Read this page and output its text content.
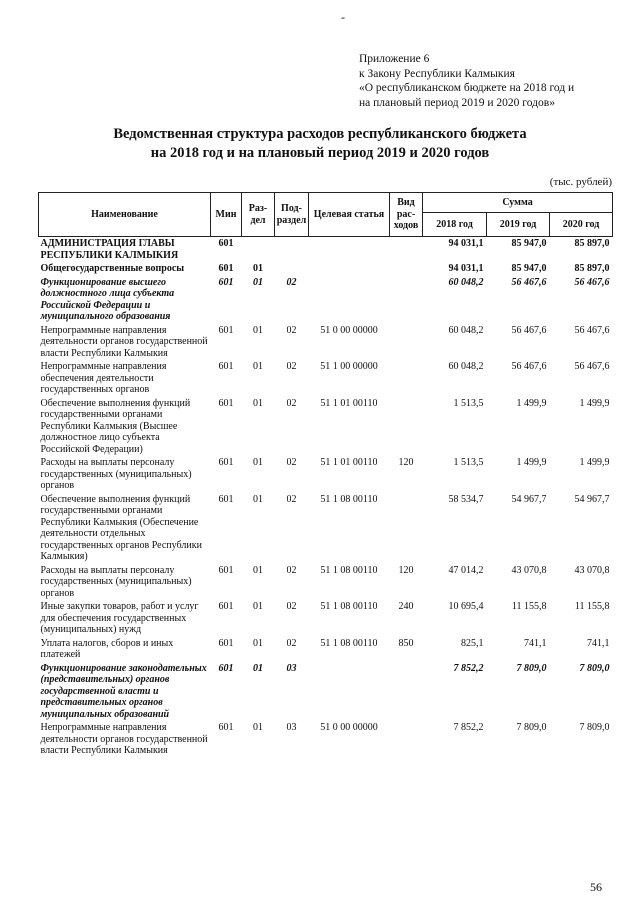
-
Приложение 6
к Закону Республики Калмыкия
«О республиканском бюджете на 2018 год и
на плановый период 2019 и 2020 годов»
Ведомственная структура расходов республиканского бюджета
на 2018 год и на плановый период 2019 и 2020 годов
(тыс. рублей)
Наименование	Мин	Раз-дел	Под-раздел	Целевая статья	Вид рас-ходов	Сумма		
						2018 год	2019 год	2020 год
АДМИНИСТРАЦИЯ ГЛАВЫ РЕСПУБЛИКИ КАЛМЫКИЯ	601					94 031,1	85 947,0	85 897,0
Общегосударственные вопросы	601	01				94 031,1	85 947,0	85 897,0
Функционирование высшего должностного лица субъекта Российской Федерации и муниципального образования	601	01	02			60 048,2	56 467,6	56 467,6
Непрограммные направления деятельности органов государственной власти Республики Калмыкия	601	01	02	51 0 00 00000		60 048,2	56 467,6	56 467,6
Непрограммные направления обеспечения деятельности государственных органов	601	01	02	51 1 00 00000		60 048,2	56 467,6	56 467,6
Обеспечение выполнения функций государственными органами Республики Калмыкия (Высшее должностное лицо субъекта Российской Федерации)	601	01	02	51 1 01 00110		1 513,5	1 499,9	1 499,9
Расходы на выплаты персоналу государственных (муниципальных) органов	601	01	02	51 1 01 00110	120	1 513,5	1 499,9	1 499,9
Обеспечение выполнения функций государственными органами Республики Калмыкия (Обеспечение деятельности отдельных государственных органов Республики Калмыкия)	601	01	02	51 1 08 00110		58 534,7	54 967,7	54 967,7
Расходы на выплаты персоналу государственных (муниципальных) органов	601	01	02	51 1 08 00110	120	47 014,2	43 070,8	43 070,8
Иные закупки товаров, работ и услуг для обеспечения государственных (муниципальных) нужд	601	01	02	51 1 08 00110	240	10 695,4	11 155,8	11 155,8
Уплата налогов, сборов и иных платежей	601	01	02	51 1 08 00110	850	825,1	741,1	741,1
Функционирование законодательных (представительных) органов государственной власти и представительных органов муниципальных образований	601	01	03			7 852,2	7 809,0	7 809,0
Непрограммные направления деятельности органов государственной власти Республики Калмыкия	601	01	03	51 0 00 00000		7 852,2	7 809,0	7 809,0
56
